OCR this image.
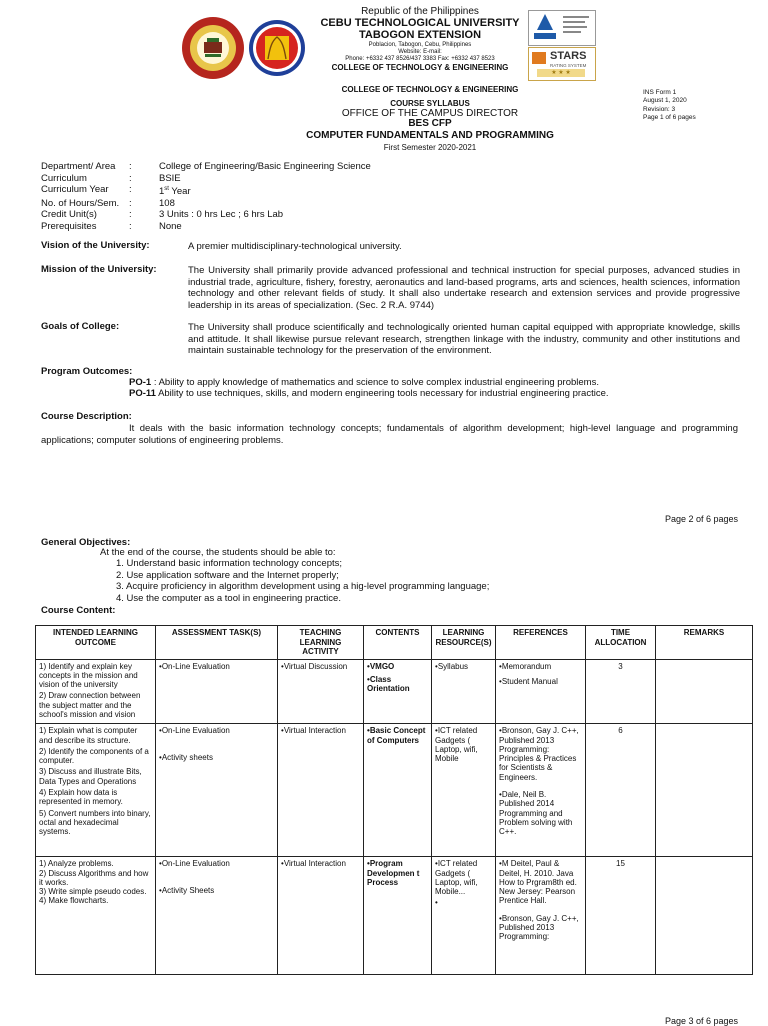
Republic of the Philippines
CEBU TECHNOLOGICAL UNIVERSITY
TABOGON EXTENSION
Poblacion, Tabogon, Cebu, Philippines
Website: E-mail:
Phone: +6332 437 8526/437 3383 Fax: +6332 437 8523
COLLEGE OF TECHNOLOGY & ENGINEERING
STARS
RATING SYSTEM
★ ★ ★
COLLEGE OF TECHNOLOGY & ENGINEERING
COURSE SYLLABUS
OFFICE OF THE CAMPUS DIRECTOR
BES CFP
COMPUTER FUNDAMENTALS AND PROGRAMMING
First Semester 2020-2021
INS Form 1
August 1, 2020
Revision: 3
Page 1 of 6 pages
Department/ Area	:	College of Engineering/Basic Engineering Science
Curriculum	:	BSIE
Curriculum Year	:	1st Year
No. of Hours/Sem.	:	108
Credit Unit(s)	:	3 Units : 0 hrs Lec ; 6 hrs Lab
Prerequisites	:	None
Vision of the University:	A premier multidisciplinary-technological university.
Mission of the University:	The University shall primarily provide advanced professional and technical instruction for special purposes, advanced studies in industrial trade, agriculture, fishery, forestry, aeronautics and land-based programs, arts and sciences, health sciences, information technology and other relevant fields of study. It shall also undertake research and extension services and provide progressive leadership in its areas of specialization. (Sec. 2 R.A. 9744)
Goals of College:	The University shall produce scientifically and technologically oriented human capital equipped with appropriate knowledge, skills and attitude. It shall likewise pursue relevant research, strengthen linkage with the industry, community and other institutions and maintain sustainable technology for the preservation of the environment.
Program Outcomes:
PO-1 : Ability to apply knowledge of mathematics and science to solve complex industrial engineering problems.
PO-11 Ability to use techniques, skills, and modern engineering tools necessary for industrial engineering practice.
Course Description:
It deals with the basic information technology concepts; fundamentals of algorithm development; high-level language and programming applications; computer solutions of engineering problems.
Page 2 of 6 pages
General Objectives:
At the end of the course, the students should be able to:
1. Understand basic information technology concepts;
2. Use application software and the Internet properly;
3. Acquire proficiency in algorithm development using a hig-level programming language;
4. Use the computer as a tool in engineering practice.
Course Content:
INTENDED LEARNING OUTCOME	ASSESSMENT TASK(S)	TEACHING LEARNING ACTIVITY	CONTENTS	LEARNING RESOURCE(S)	REFERENCES	TIME ALLOCATION	REMARKS

1) Identify and explain key concepts in the mission and vision of the university
2) Draw connection between the subject matter and the school's mission and vision	• On-Line Evaluation	• Virtual Discussion	• VMGO
• Class Orientation	• Syllabus	• Memorandum
• Student Manual	3	

1) Explain what is computer and describe its structure.
2) Identify the components of a computer.
3) Discuss and illustrate Bits, Data Types and Operations
4) Explain how data is represented in memory.
5) Convert numbers into binary, octal and hexadecimal systems.	• On-Line Evaluation
• Activity sheets	• Virtual Interaction	• Basic Concept of Computers	• ICT related Gadgets ( Laptop, wifi, Mobile	• Bronson, Gay J. C++, Published 2013 Programming: Principles & Practices for Scientists & Engineers.
• Dale, Neil B. Published 2014 Programming and Problem solving with C++.	6	

1) Analyze problems.
2) Discuss Algorithms and how it works.
3) Write simple pseudo codes.
4) Make flowcharts.	• On-Line Evaluation
• Activity Sheets	• Virtual Interaction	• Program Developmen t Process	• ICT related Gadgets ( Laptop, wifi, Mobile...
•	• M Deitel, Paul & Deitel, H. 2010. Java How to Prgram8th ed. New Jersey: Pearson Prentice Hall.
• Bronson, Gay J. C++, Published 2013 Programming:	15	
Page 3 of 6 pages
